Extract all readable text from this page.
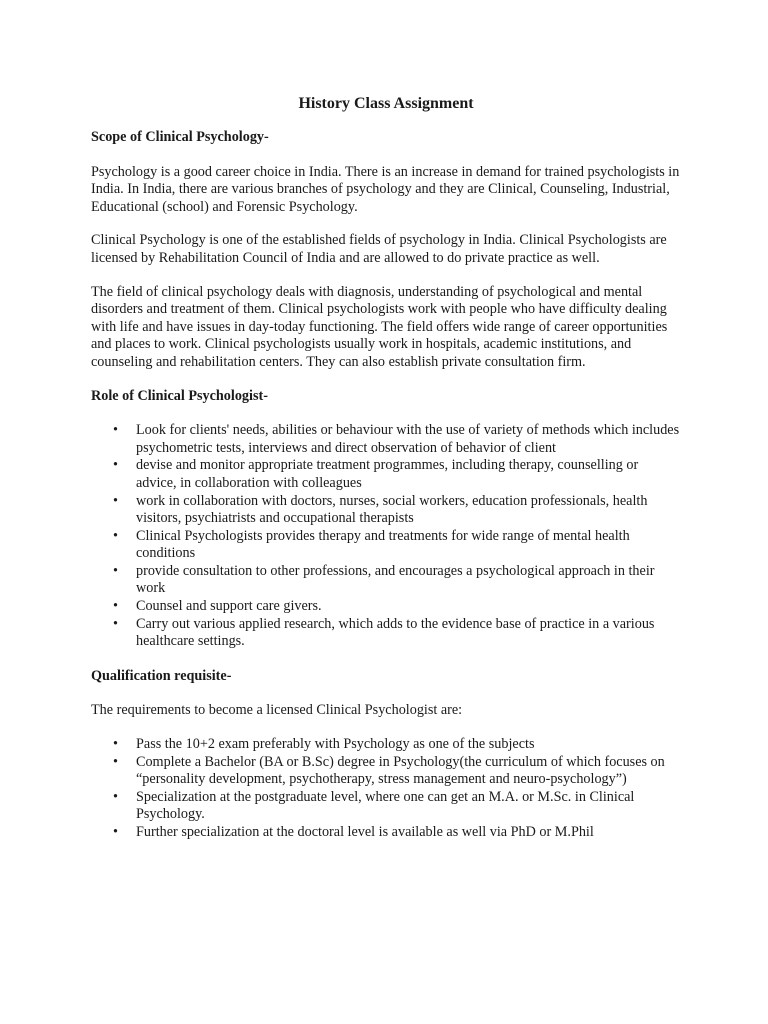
History Class Assignment
Scope of Clinical Psychology-

Psychology is a good career choice in India. There is an increase in demand for trained psychologists in India. In India, there are various branches of psychology and they are Clinical, Counseling, Industrial, Educational (school) and Forensic Psychology.

Clinical Psychology is one of the established fields of psychology in India. Clinical Psychologists are licensed by Rehabilitation Council of India and are allowed to do private practice as well.

The field of clinical psychology deals with diagnosis, understanding of psychological and mental disorders and treatment of them. Clinical psychologists work with people who have difficulty dealing with life and have issues in day-today functioning. The field offers wide range of career opportunities and places to work. Clinical psychologists usually work in hospitals, academic institutions, and counseling and rehabilitation centers. They can also establish private consultation firm.

Role of Clinical Psychologist-
• Look for clients' needs, abilities or behaviour with the use of variety of methods which includes psychometric tests, interviews and direct observation of behavior of client
• devise and monitor appropriate treatment programmes, including therapy, counselling or advice, in collaboration with colleagues
• work in collaboration with doctors, nurses, social workers, education professionals, health visitors, psychiatrists and occupational therapists
• Clinical Psychologists provides therapy and treatments for wide range of mental health conditions
• provide consultation to other professions, and encourages a psychological approach in their work
• Counsel and support care givers.
• Carry out various applied research, which adds to the evidence base of practice in a various healthcare settings.
Qualification requisite-

The requirements to become a licensed Clinical Psychologist are:

• Pass the 10+2 exam preferably with Psychology as one of the subjects
• Complete a Bachelor (BA or B.Sc) degree in Psychology(the curriculum of which focuses on “personality development, psychotherapy, stress management and neuro-psychology”)
• Specialization at the postgraduate level, where one can get an M.A. or M.Sc. in Clinical Psychology.
• Further specialization at the doctoral level is available as well via PhD or M.Phil
